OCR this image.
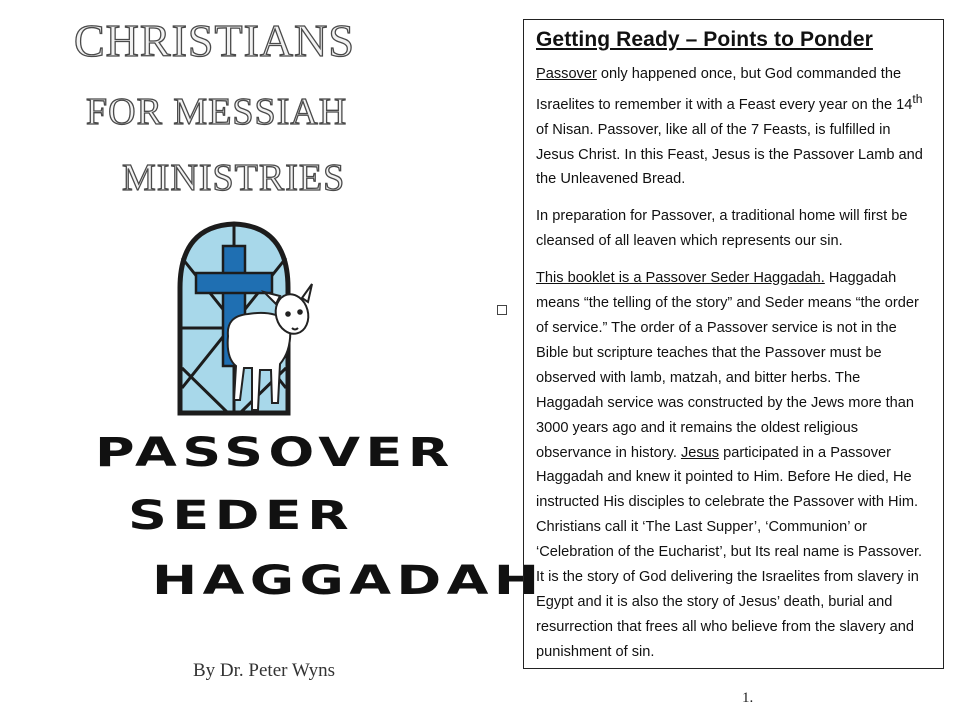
CHRISTIANS
FOR MESSIAH
MINISTRIES
PASSOVER
SEDER
HAGGADAH

By Dr. Peter Wyns

Getting Ready – Points to Ponder

Passover only happened once, but God commanded the Israelites to remember it with a Feast every year on the 14th of Nisan. Passover, like all of the 7 Feasts, is fulfilled in Jesus Christ. In this Feast, Jesus is the Passover Lamb and the Unleavened Bread.

In preparation for Passover, a traditional home will first be cleansed of all leaven which represents our sin.

This booklet is a Passover Seder Haggadah. Haggadah means “the telling of the story” and Seder means “the order of service.” The order of a Passover service is not in the Bible but scripture teaches that the Passover must be observed with lamb, matzah, and bitter herbs. The Haggadah service was constructed by the Jews more than 3000 years ago and it remains the oldest religious observance in history. Jesus participated in a Passover Haggadah and knew it pointed to Him. Before He died, He instructed His disciples to celebrate the Passover with Him. Christians call it ‘The Last Supper’, ‘Communion’ or ‘Celebration of the Eucharist’, but Its real name is Passover. It is the story of God delivering the Israelites from slavery in Egypt and it is also the story of Jesus’ death, burial and resurrection that frees all who believe from the slavery and punishment of sin.

1.
